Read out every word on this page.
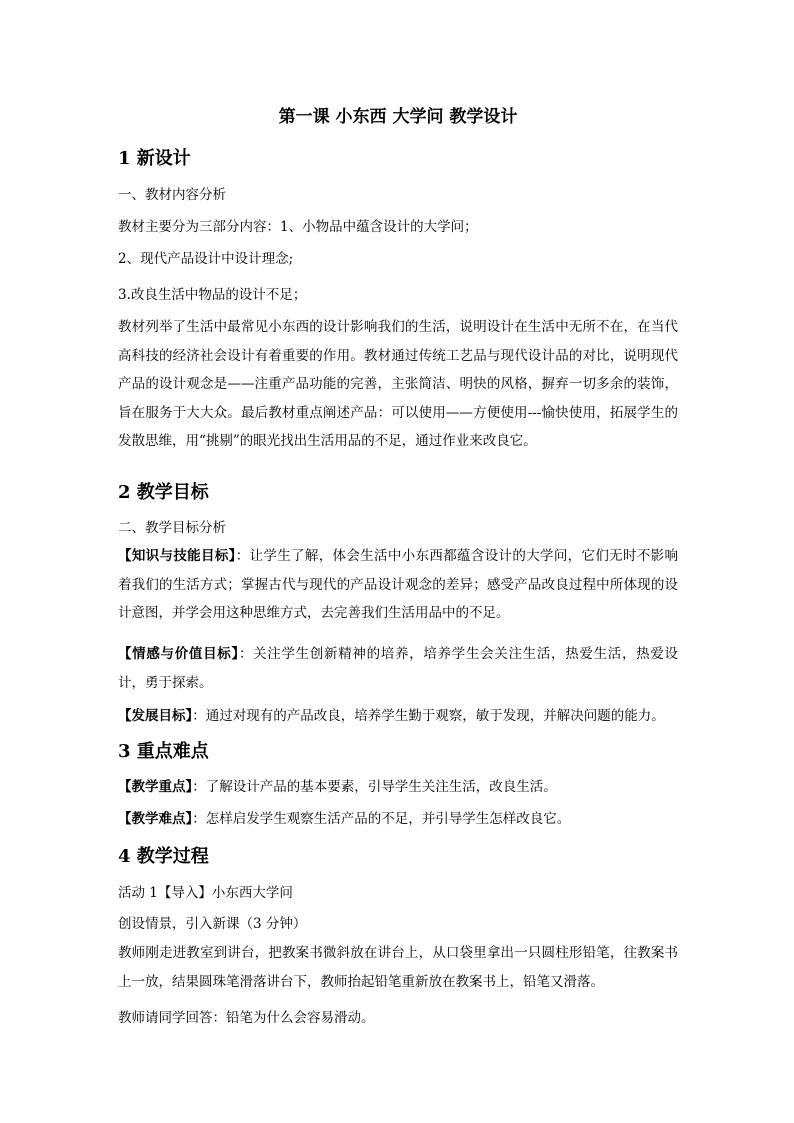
第一课 小东西 大学问 教学设计
1 新设计
一、教材内容分析
教材主要分为三部分内容：1、小物品中蕴含设计的大学问；
2、现代产品设计中设计理念;
3.改良生活中物品的设计不足；
教材列举了生活中最常见小东西的设计影响我们的生活，说明设计在生活中无所不在，在当代高科技的经济社会设计有着重要的作用。教材通过传统工艺品与现代设计品的对比，说明现代产品的设计观念是——注重产品功能的完善，主张简洁、明快的风格，摒弃一切多余的装饰，旨在服务于大大众。最后教材重点阐述产品：可以使用——方便使用---愉快使用，拓展学生的发散思维，用“挑剔”的眼光找出生活用品的不足，通过作业来改良它。
2 教学目标
二、教学目标分析
【知识与技能目标】：让学生了解，体会生活中小东西都蕴含设计的大学问，它们无时不影响着我们的生活方式；掌握古代与现代的产品设计观念的差异；感受产品改良过程中所体现的设计意图，并学会用这种思维方式，去完善我们生活用品中的不足。
【情感与价值目标】：关注学生创新精神的培养，培养学生会关注生活，热爱生活，热爱设计，勇于探索。
【发展目标】：通过对现有的产品改良，培养学生勤于观察，敏于发现，并解决问题的能力。
3 重点难点
【教学重点】：了解设计产品的基本要素，引导学生关注生活，改良生活。
【教学难点】：怎样启发学生观察生活产品的不足，并引导学生怎样改良它。
4 教学过程
活动 1【导入】小东西大学问
创设情景，引入新课（3 分钟）
教师刚走进教室到讲台，把教案书微斜放在讲台上，从口袋里拿出一只圆柱形铅笔，往教案书上一放，结果圆珠笔滑落讲台下，教师抬起铅笔重新放在教案书上，铅笔又滑落。
教师请同学回答：铅笔为什么会容易滑动。
